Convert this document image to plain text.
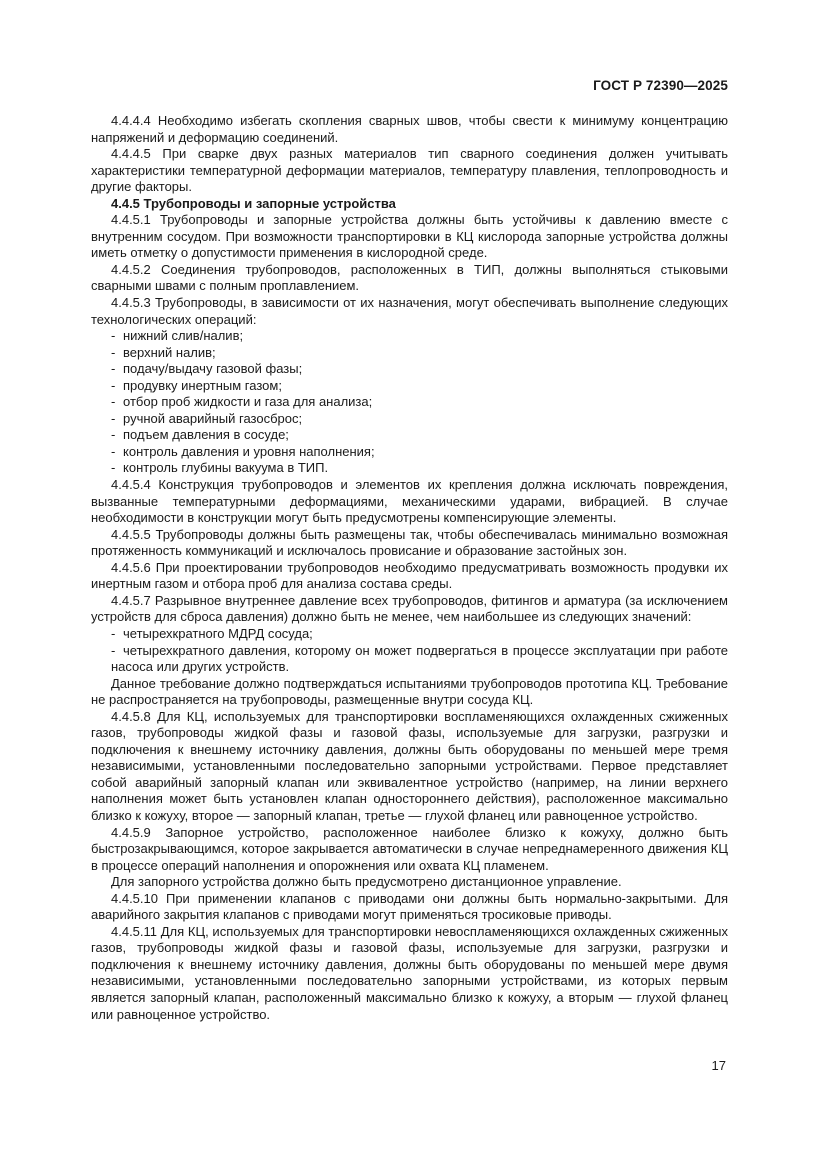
ГОСТ Р 72390—2025

4.4.4.4 Необходимо избегать скопления сварных швов, чтобы свести к минимуму концентрацию напряжений и деформацию соединений.

4.4.4.5 При сварке двух разных материалов тип сварного соединения должен учитывать характеристики температурной деформации материалов, температуру плавления, теплопроводность и другие факторы.

4.4.5 Трубопроводы и запорные устройства

4.4.5.1 Трубопроводы и запорные устройства должны быть устойчивы к давлению вместе с внутренним сосудом. При возможности транспортировки в КЦ кислорода запорные устройства должны иметь отметку о допустимости применения в кислородной среде.

4.4.5.2 Соединения трубопроводов, расположенных в ТИП, должны выполняться стыковыми сварными швами с полным проплавлением.

4.4.5.3 Трубопроводы, в зависимости от их назначения, могут обеспечивать выполнение следующих технологических операций:

- нижний слив/налив;
- верхний налив;
- подачу/выдачу газовой фазы;
- продувку инертным газом;
- отбор проб жидкости и газа для анализа;
- ручной аварийный газосброс;
- подъем давления в сосуде;
- контроль давления и уровня наполнения;
- контроль глубины вакуума в ТИП.

4.4.5.4 Конструкция трубопроводов и элементов их крепления должна исключать повреждения, вызванные температурными деформациями, механическими ударами, вибрацией. В случае необходимости в конструкции могут быть предусмотрены компенсирующие элементы.

4.4.5.5 Трубопроводы должны быть размещены так, чтобы обеспечивалась минимально возможная протяженность коммуникаций и исключалось провисание и образование застойных зон.

4.4.5.6 При проектировании трубопроводов необходимо предусматривать возможность продувки их инертным газом и отбора проб для анализа состава среды.

4.4.5.7 Разрывное внутреннее давление всех трубопроводов, фитингов и арматура (за исключением устройств для сброса давления) должно быть не менее, чем наибольшее из следующих значений:

- четырехкратного МДРД сосуда;
- четырехкратного давления, которому он может подвергаться в процессе эксплуатации при работе насоса или других устройств.

Данное требование должно подтверждаться испытаниями трубопроводов прототипа КЦ. Требование не распространяется на трубопроводы, размещенные внутри сосуда КЦ.

4.4.5.8 Для КЦ, используемых для транспортировки воспламеняющихся охлажденных сжиженных газов, трубопроводы жидкой фазы и газовой фазы, используемые для загрузки, разгрузки и подключения к внешнему источнику давления, должны быть оборудованы по меньшей мере тремя независимыми, установленными последовательно запорными устройствами. Первое представляет собой аварийный запорный клапан или эквивалентное устройство (например, на линии верхнего наполнения может быть установлен клапан одностороннего действия), расположенное максимально близко к кожуху, второе — запорный клапан, третье — глухой фланец или равноценное устройство.

4.4.5.9 Запорное устройство, расположенное наиболее близко к кожуху, должно быть быстрозакрывающимся, которое закрывается автоматически в случае непреднамеренного движения КЦ в процессе операций наполнения и опорожнения или охвата КЦ пламенем.

Для запорного устройства должно быть предусмотрено дистанционное управление.

4.4.5.10 При применении клапанов с приводами они должны быть нормально-закрытыми. Для аварийного закрытия клапанов с приводами могут применяться тросиковые приводы.

4.4.5.11 Для КЦ, используемых для транспортировки невоспламеняющихся охлажденных сжиженных газов, трубопроводы жидкой фазы и газовой фазы, используемые для загрузки, разгрузки и подключения к внешнему источнику давления, должны быть оборудованы по меньшей мере двумя независимыми, установленными последовательно запорными устройствами, из которых первым является запорный клапан, расположенный максимально близко к кожуху, а вторым — глухой фланец или равноценное устройство.

17
